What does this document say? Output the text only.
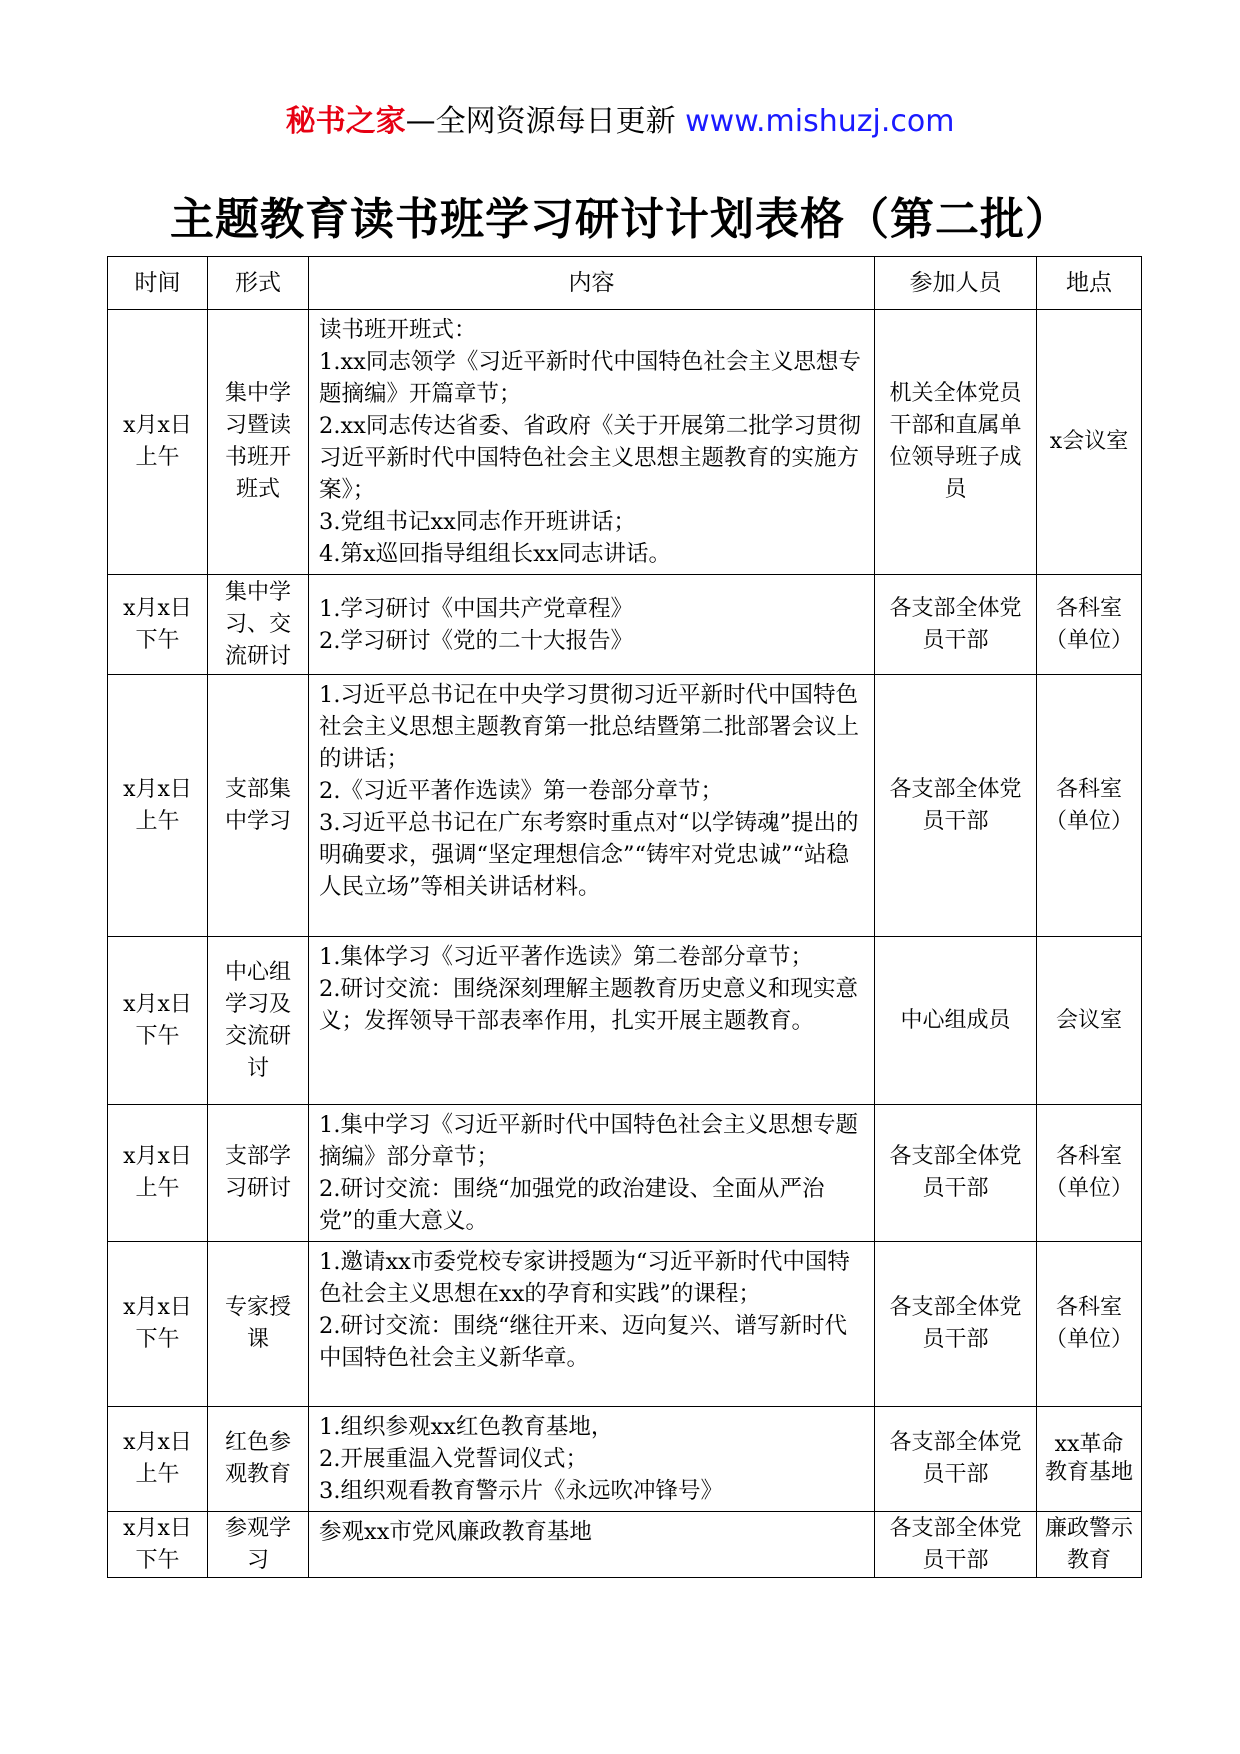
秘书之家—全网资源每日更新 www.mishuzj.com
主题教育读书班学习研讨计划表格（第二批）
时间	形式	内容	参加人员	地点
x月x日上午	集中学习暨读书班开班式	读书班开班式：
1.xx同志领学《习近平新时代中国特色社会主义思想专题摘编》开篇章节；
2.xx同志传达省委、省政府《关于开展第二批学习贯彻习近平新时代中国特色社会主义思想主题教育的实施方案》；
3.党组书记xx同志作开班讲话；
4.第x巡回指导组组长xx同志讲话。	机关全体党员干部和直属单位领导班子成员	x会议室
x月x日下午	集中学习、交流研讨	1.学习研讨《中国共产党章程》
2.学习研讨《党的二十大报告》	各支部全体党员干部	各科室（单位）
x月x日上午	支部集中学习	1.习近平总书记在中央学习贯彻习近平新时代中国特色社会主义思想主题教育第一批总结暨第二批部署会议上的讲话；
2.《习近平著作选读》第一卷部分章节；
3.习近平总书记在广东考察时重点对“以学铸魂”提出的明确要求，强调“坚定理想信念”“铸牢对党忠诚”“站稳人民立场”等相关讲话材料。	各支部全体党员干部	各科室（单位）
x月x日下午	中心组学习及交流研讨	1.集体学习《习近平著作选读》第二卷部分章节；
2.研讨交流：围绕深刻理解主题教育历史意义和现实意义；发挥领导干部表率作用，扎实开展主题教育。	中心组成员	会议室
x月x日上午	支部学习研讨	1.集中学习《习近平新时代中国特色社会主义思想专题摘编》部分章节；
2.研讨交流：围绕“加强党的政治建设、全面从严治党”的重大意义。	各支部全体党员干部	各科室（单位）
x月x日下午	专家授课	1.邀请xx市委党校专家讲授题为“习近平新时代中国特色社会主义思想在xx的孕育和实践”的课程；
2.研讨交流：围绕“继往开来、迈向复兴、谱写新时代中国特色社会主义新华章。	各支部全体党员干部	各科室（单位）
x月x日上午	红色参观教育	1.组织参观xx红色教育基地，
2.开展重温入党誓词仪式；
3.组织观看教育警示片《永远吹冲锋号》	各支部全体党员干部	xx革命教育基地
x月x日下午	参观学习	参观xx市党风廉政教育基地	各支部全体党员干部	廉政警示教育
